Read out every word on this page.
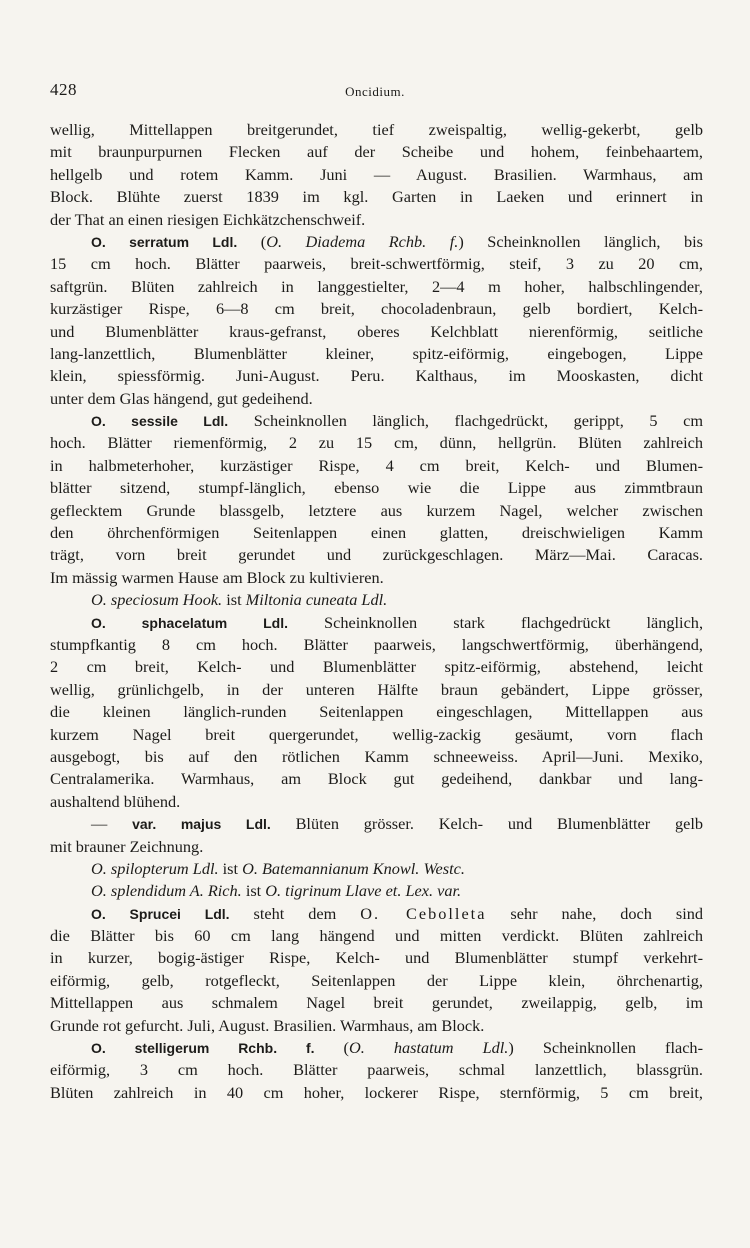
428	Oncidium.
wellig, Mittellappen breitgerundet, tief zweispaltig, wellig-gekerbt, gelb
mit braunpurpurnen Flecken auf der Scheibe und hohem, feinbehaartem,
hellgelb und rotem Kamm. Juni — August. Brasilien. Warmhaus, am
Block. Blühte zuerst 1839 im kgl. Garten in Laeken und erinnert in
der That an einen riesigen Eichkätzchenschweif.
O. serratum Ldl. (O. Diadema Rchb. f.) Scheinknollen länglich, bis
15 cm hoch. Blätter paarweis, breit-schwertförmig, steif, 3 zu 20 cm,
saftgrün. Blüten zahlreich in langgestielter, 2—4 m hoher, halbschlingender,
kurzästiger Rispe, 6—8 cm breit, chocoladenbraun, gelb bordiert, Kelch-
und Blumenblätter kraus-gefranst, oberes Kelchblatt nierenförmig, seitliche
lang-lanzettlich, Blumenblätter kleiner, spitz-eiförmig, eingebogen, Lippe
klein, spiessförmig. Juni-August. Peru. Kalthaus, im Mooskasten, dicht
unter dem Glas hängend, gut gedeihend.
O. sessile Ldl. Scheinknollen länglich, flachgedrückt, gerippt, 5 cm
hoch. Blätter riemenförmig, 2 zu 15 cm, dünn, hellgrün. Blüten zahlreich
in halbmeterhoher, kurzästiger Rispe, 4 cm breit, Kelch- und Blumen-
blätter sitzend, stumpf-länglich, ebenso wie die Lippe aus zimmtbraun
geflecktem Grunde blassgelb, letztere aus kurzem Nagel, welcher zwischen
den öhrchenförmigen Seitenlappen einen glatten, dreischwieligen Kamm
trägt, vorn breit gerundet und zurückgeschlagen. März—Mai. Caracas.
Im mässig warmen Hause am Block zu kultivieren.
O. speciosum Hook. ist Miltonia cuneata Ldl.
O. sphacelatum Ldl. Scheinknollen stark flachgedrückt länglich,
stumpfkantig 8 cm hoch. Blätter paarweis, langschwertförmig, überhängend,
2 cm breit, Kelch- und Blumenblätter spitz-eiförmig, abstehend, leicht
wellig, grünlichgelb, in der unteren Hälfte braun gebändert, Lippe grösser,
die kleinen länglich-runden Seitenlappen eingeschlagen, Mittellappen aus
kurzem Nagel breit quergerundet, wellig-zackig gesäumt, vorn flach
ausgebogt, bis auf den rötlichen Kamm schneeweiss. April—Juni. Mexiko,
Centralamerika. Warmhaus, am Block gut gedeihend, dankbar und lang-
aushaltend blühend.
— var. majus Ldl. Blüten grösser. Kelch- und Blumenblätter gelb
mit brauner Zeichnung.
O. spilopterum Ldl. ist O. Batemannianum Knowl. Westc.
O. splendidum A. Rich. ist O. tigrinum Llave et. Lex. var.
O. Sprucei Ldl. steht dem O. Cebolleta sehr nahe, doch sind
die Blätter bis 60 cm lang hängend und mitten verdickt. Blüten zahlreich
in kurzer, bogig-ästiger Rispe, Kelch- und Blumenblätter stumpf verkehrt-
eiförmig, gelb, rotgefleckt, Seitenlappen der Lippe klein, öhrchenartig,
Mittellappen aus schmalem Nagel breit gerundet, zweilappig, gelb, im
Grunde rot gefurcht. Juli, August. Brasilien. Warmhaus, am Block.
O. stelligerum Rchb. f. (O. hastatum Ldl.) Scheinknollen flach-
eiförmig, 3 cm hoch. Blätter paarweis, schmal lanzettlich, blassgrün.
Blüten zahlreich in 40 cm hoher, lockerer Rispe, sternförmig, 5 cm breit,
